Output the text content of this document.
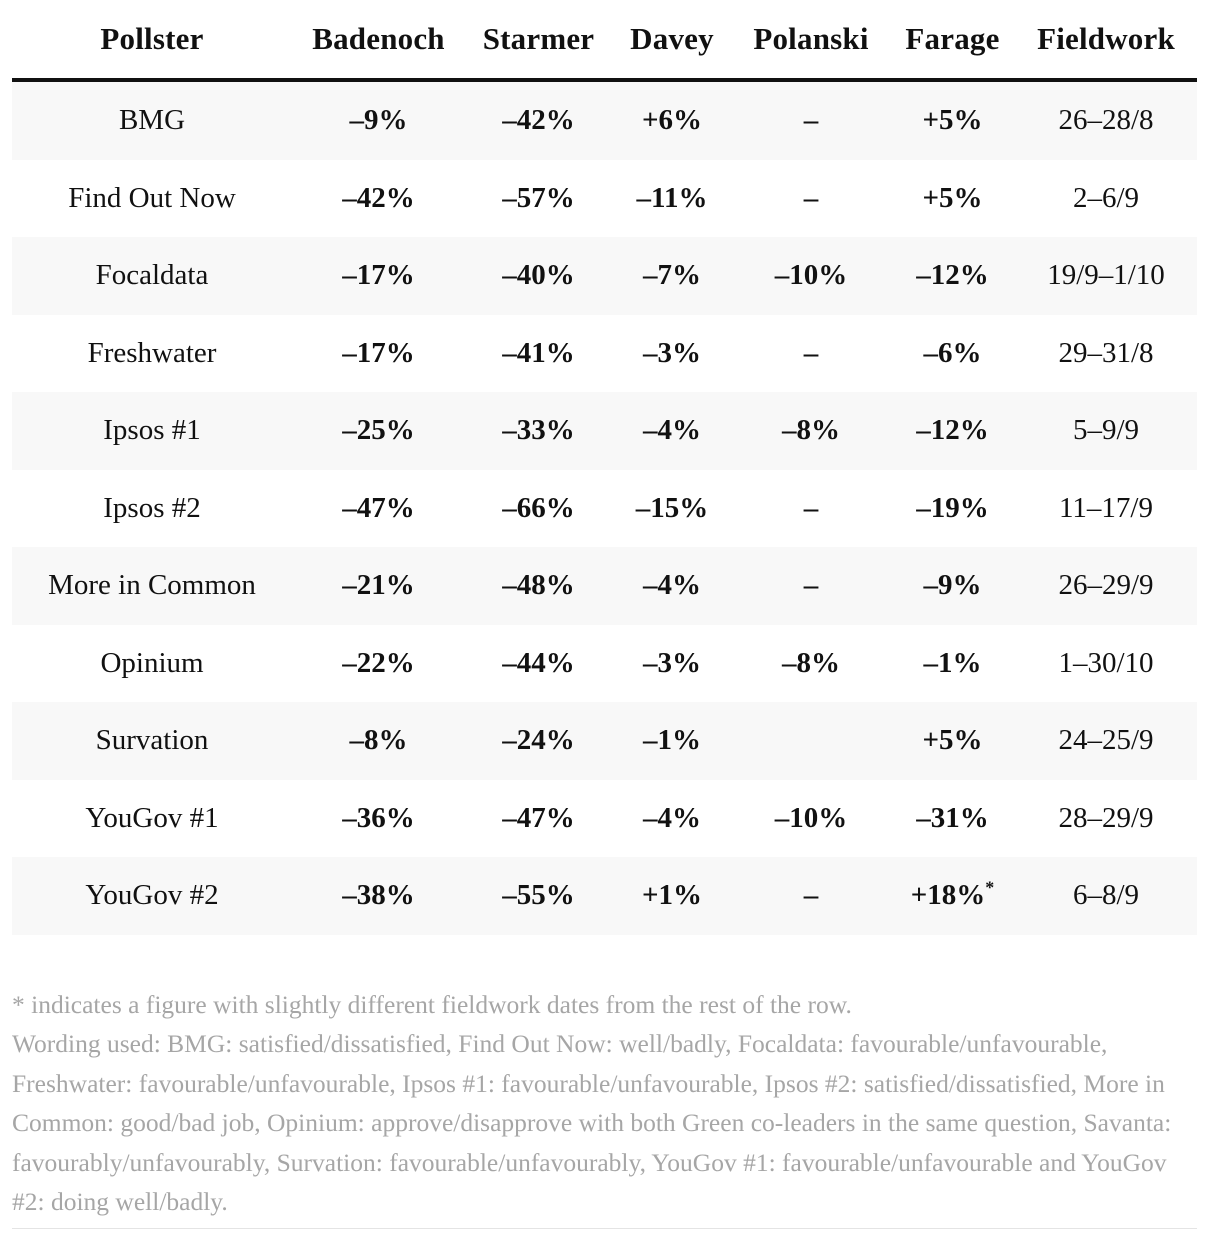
Pollster	Badenoch	Starmer	Davey	Polanski	Farage	Fieldwork
BMG	–9%	–42%	+6%	–	+5%	26–28/8
Find Out Now	–42%	–57%	–11%	–	+5%	2–6/9
Focaldata	–17%	–40%	–7%	–10%	–12%	19/9–1/10
Freshwater	–17%	–41%	–3%	–	–6%	29–31/8
Ipsos #1	–25%	–33%	–4%	–8%	–12%	5–9/9
Ipsos #2	–47%	–66%	–15%	–	–19%	11–17/9
More in Common	–21%	–48%	–4%	–	–9%	26–29/9
Opinium	–22%	–44%	–3%	–8%	–1%	1–30/10
Survation	–8%	–24%	–1%		+5%	24–25/9
YouGov #1	–36%	–47%	–4%	–10%	–31%	28–29/9
YouGov #2	–38%	–55%	+1%	–	+18%*	6–8/9

* indicates a figure with slightly different fieldwork dates from the rest of the row.

Wording used: BMG: satisfied/dissatisfied, Find Out Now: well/badly, Focaldata: favourable/unfavourable, Freshwater: favourable/unfavourable, Ipsos #1: favourable/unfavourable, Ipsos #2: satisfied/dissatisfied, More in Common: good/bad job, Opinium: approve/disapprove with both Green co-leaders in the same question, Savanta: favourably/unfavourably, Survation: favourable/unfavourably, YouGov #1: favourable/unfavourable and YouGov #2: doing well/badly.
